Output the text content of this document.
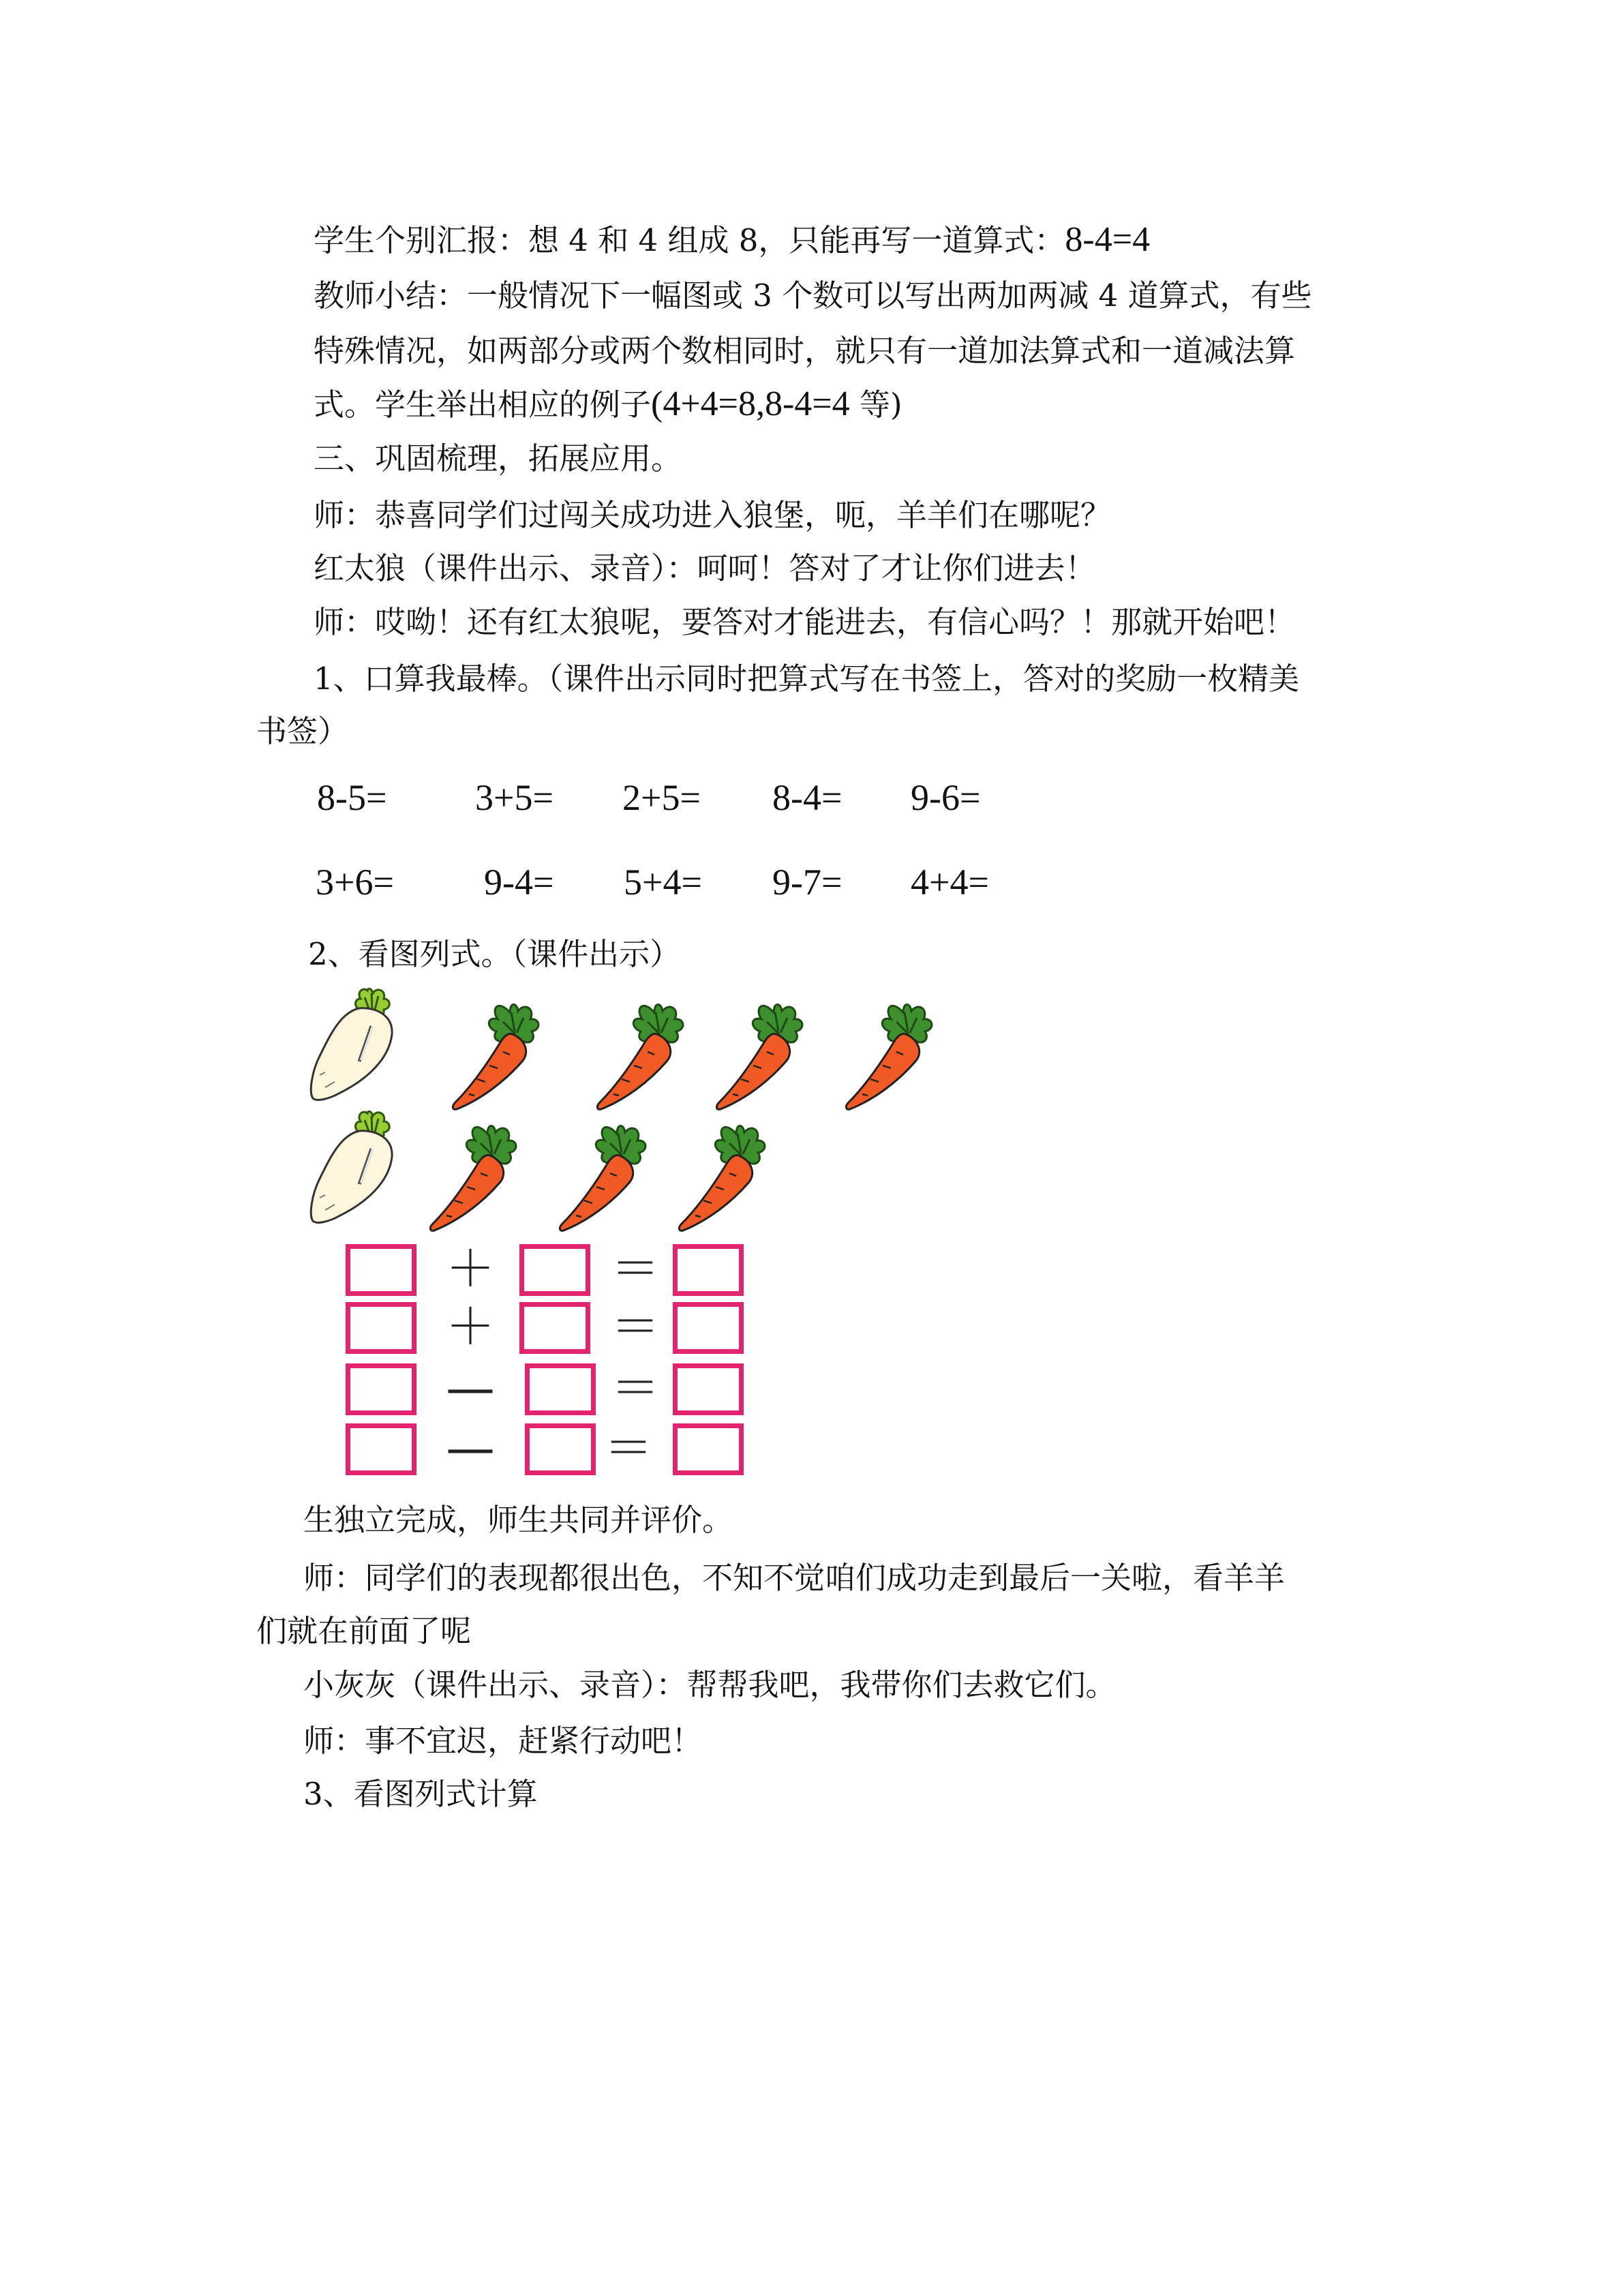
学生个别汇报：想 4 和 4 组成 8，只能再写一道算式：8-4=4
教师小结：一般情况下一幅图或 3 个数可以写出两加两减 4 道算式，有些
特殊情况，如两部分或两个数相同时，就只有一道加法算式和一道减法算
式。学生举出相应的例子(4+4=8,8-4=4 等)
三、巩固梳理，拓展应用。
师：恭喜同学们过闯关成功进入狼堡，呃，羊羊们在哪呢？
红太狼（课件出示、录音）：呵呵！答对了才让你们进去！
师：哎呦！还有红太狼呢，要答对才能进去，有信心吗？！那就开始吧！
1、口算我最棒。（课件出示同时把算式写在书签上，答对的奖励一枚精美
书签）
8-5= 3+5= 2+5= 8-4= 9-6=
3+6= 9-4= 5+4= 9-7= 4+4=
2、看图列式。（课件出示）
＋ ＝
＋ ＝
— ＝
— ＝
生独立完成，师生共同并评价。
师：同学们的表现都很出色，不知不觉咱们成功走到最后一关啦，看羊羊
们就在前面了呢
小灰灰（课件出示、录音）：帮帮我吧，我带你们去救它们。
师：事不宜迟，赶紧行动吧！
3、看图列式计算
